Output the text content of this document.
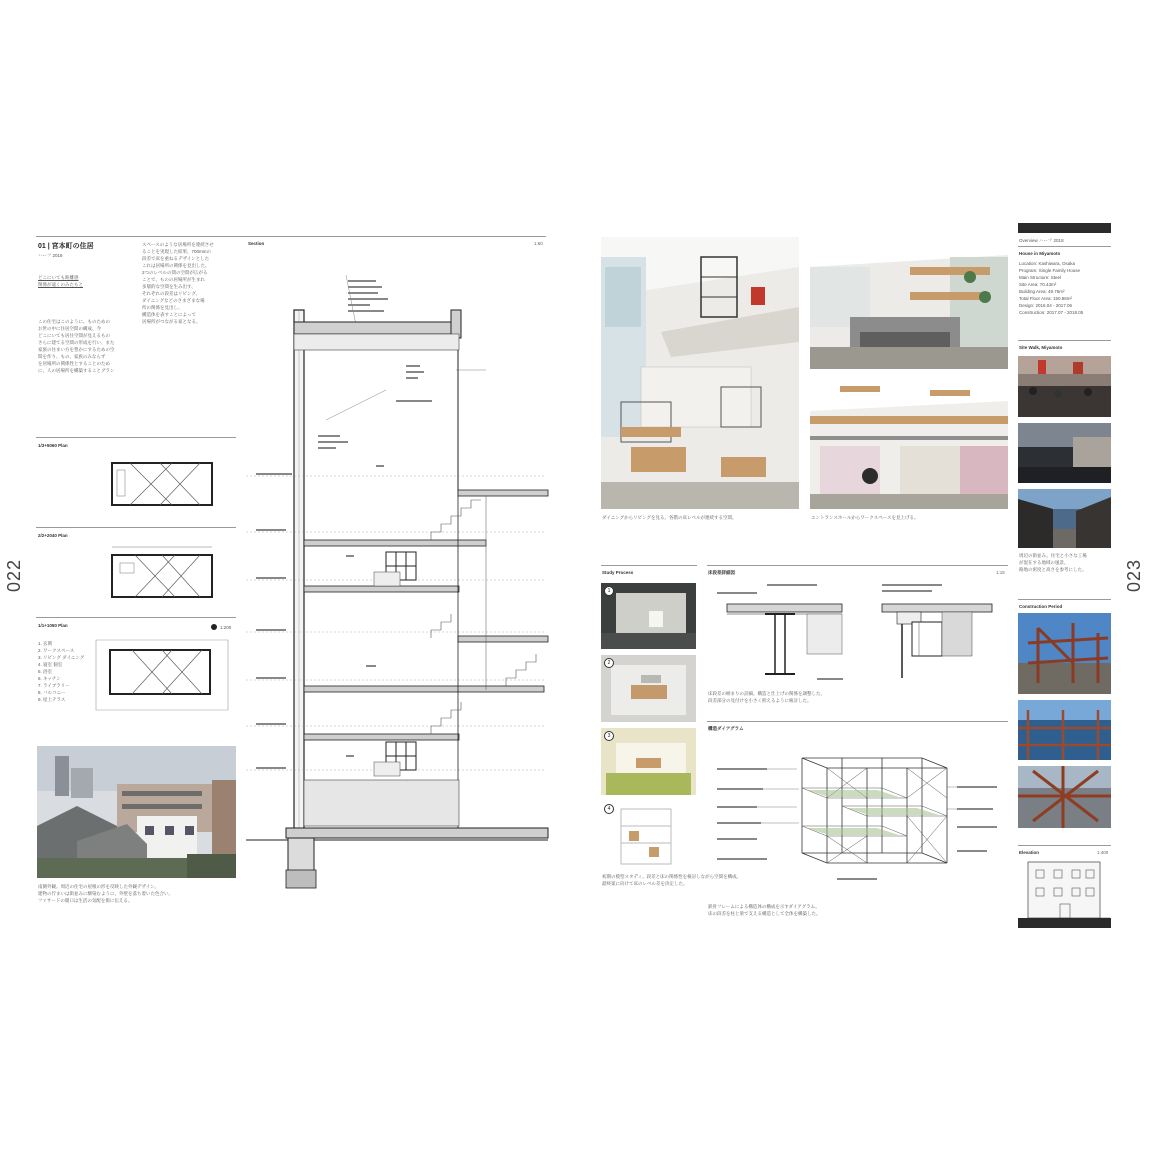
022
01 | 宮本町の住居
ハーフ 2018
どこにいても距離感
関係が遠くのみたもと
この住宅はこのように、ものための
お世の中に住居空間の構成、今
どこにいても居住空間が見えるもの
さらに建てる空間の形成を行い、また
家族の住まい方を豊かにするための空
間を作り、もの、家族のみならず
を居場所の関係性とすることのため
に、人の居場所を構築することグラン
スペースのような居場所を連続させ
ることを実現した結果、700mmの
段差で床を重ねるデザインとした
これは居場所の関係を見出した、
2つのレベルの間の空間が広がる
ことで、ものの居場所が生まれ
多層的な空間を生み出す、
それぞれの段差はリビング、
ダイニングなどのさまざまな場
所の関係を見出し、
構造体を表すことによって
居場所がつながる家となる。
1/3+5060 Plan
2/2+2040 Plan
1/1+1050 Plan	1:200
1. 玄関
2. ワークスペース
3. リビング ダイニング
4. 寝室 個室
5. 浴室
6. キッチン
7. ライブラリー
8. バルコニー
9. 屋上テラス
南側外観。周辺の住宅の屋根の形を反映した外観デザイン。
建物の佇まいは街並みに馴染むように、外壁を落ち着いた色合い。
ファサードの開口は生活の気配を街に伝える。
Section	1:60
023
ダイニングからリビングを見る。各階の床レベルが連続する空間。	エントランスホールからワークスペースを見上げる。
Study Process
1
2
3
4
初期の模型スタディ。段差と床の関係性を検討しながら空間を構成。
最終案に向けて床のレベル差を決定した。
床段差詳細図	1:15
床段差の納まりの詳細。構造と仕上げの関係を調整した。
段差部分の見付けを小さく抑えるように検討した。
構造ダイアグラム
鉄骨フレームによる構造体の構成を示すダイアグラム。
床の段差を柱と梁で支える構造として全体を構築した。
Overview ハーフ 2018
House in Miyamoto
Location: Kashiwara, Osaka
Program: Single Family House
Main Structure: Steel
Site Area: 70.43m²
Building Area: 49.75m²
Total Floor Area: 150.86m²
Design: 2016.04 - 2017.06
Construction: 2017.07 - 2018.05
Site Walk, Miyamoto
周辺の街並み。住宅と小さな工場
が混在する地域の風景。
路地の密度と高さを参考にした。
Construction Period
Elevation	1:400
